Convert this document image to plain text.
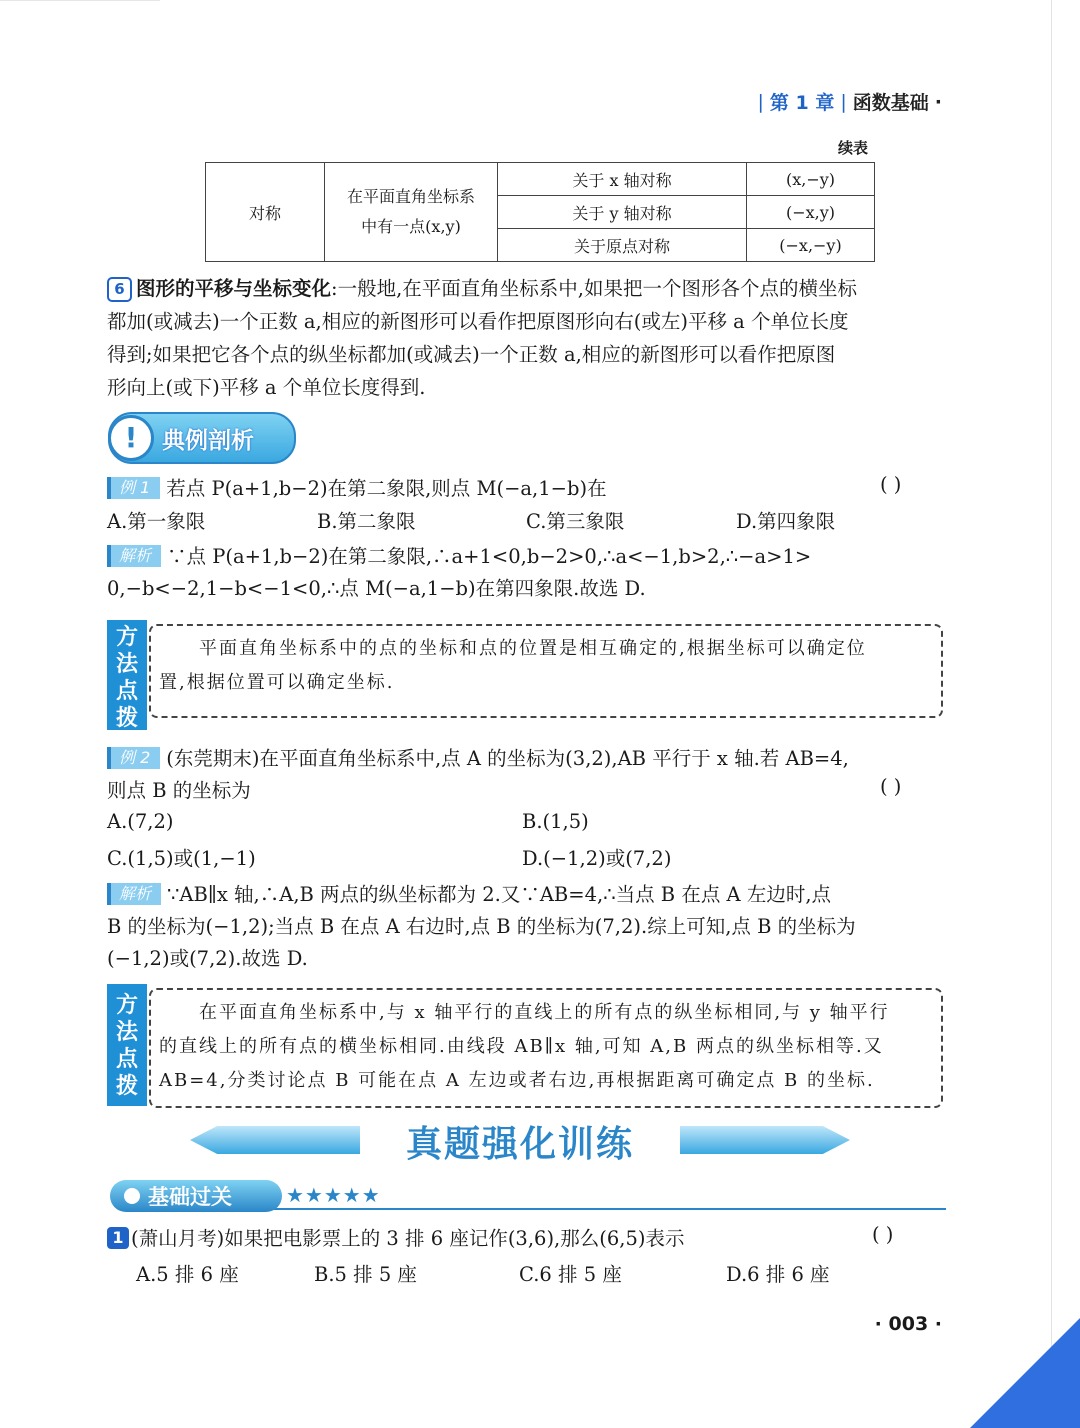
| 第 1 章 | 函数基础 ·
续表
对称	在平面直角坐标系
中有一点(x,y)	关于 x 轴对称	(x,−y)
		关于 y 轴对称	(−x,y)
		关于原点对称	(−x,−y)
6 图形的平移与坐标变化:一般地,在平面直角坐标系中,如果把一个图形各个点的横坐标
都加(或减去)一个正数 a,相应的新图形可以看作把原图形向右(或左)平移 a 个单位长度
得到;如果把它各个点的纵坐标都加(或减去)一个正数 a,相应的新图形可以看作把原图
形向上(或下)平移 a 个单位长度得到.
!	典例剖析
例 1 若点 P(a+1,b−2)在第二象限,则点 M(−a,1−b)在	( )
A.第一象限	B.第二象限	C.第三象限	D.第四象限
解析 ∵点 P(a+1,b−2)在第二象限,∴a+1<0,b−2>0,∴a<−1,b>2,∴−a>1>
0,−b<−2,1−b<−1<0,∴点 M(−a,1−b)在第四象限.故选 D.
方
法
点
拨
　　平面直角坐标系中的点的坐标和点的位置是相互确定的,根据坐标可以确定位
置,根据位置可以确定坐标.
例 2 (东莞期末)在平面直角坐标系中,点 A 的坐标为(3,2),AB 平行于 x 轴.若 AB=4,
则点 B 的坐标为	( )
A.(7,2)	B.(1,5)
C.(1,5)或(1,−1)	D.(−1,2)或(7,2)
解析 ∵AB∥x 轴,∴A,B 两点的纵坐标都为 2.又∵AB=4,∴当点 B 在点 A 左边时,点
B 的坐标为(−1,2);当点 B 在点 A 右边时,点 B 的坐标为(7,2).综上可知,点 B 的坐标为
(−1,2)或(7,2).故选 D.
方
法
点
拨
　　在平面直角坐标系中,与 x 轴平行的直线上的所有点的纵坐标相同,与 y 轴平行
的直线上的所有点的横坐标相同.由线段 AB∥x 轴,可知 A,B 两点的纵坐标相等.又
AB=4,分类讨论点 B 可能在点 A 左边或者右边,再根据距离可确定点 B 的坐标.
真题强化训练
基础过关	★★★★★
1 (萧山月考)如果把电影票上的 3 排 6 座记作(3,6),那么(6,5)表示	( )
A.5 排 6 座	B.5 排 5 座	C.6 排 5 座	D.6 排 6 座
· 003 ·
